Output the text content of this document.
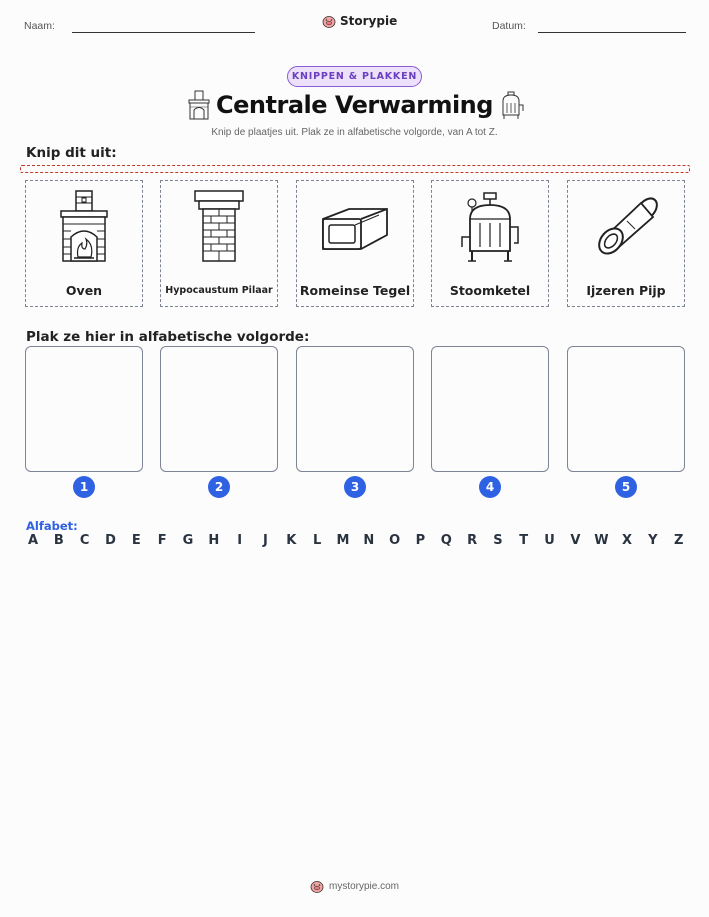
Naam:	Storypie	Datum:
KNIPPEN & PLAKKEN
Centrale Verwarming
Knip de plaatjes uit. Plak ze in alfabetische volgorde, van A tot Z.
Knip dit uit:
Oven	Hypocaustum Pilaar	Romeinse Tegel	Stoomketel	Ijzeren Pijp
Plak ze hier in alfabetische volgorde:
1	2	3	4	5
Alfabet:
A B C D E F G H	I	J	K L M N O P Q R S T U V W X Y Z
mystorypie.com
